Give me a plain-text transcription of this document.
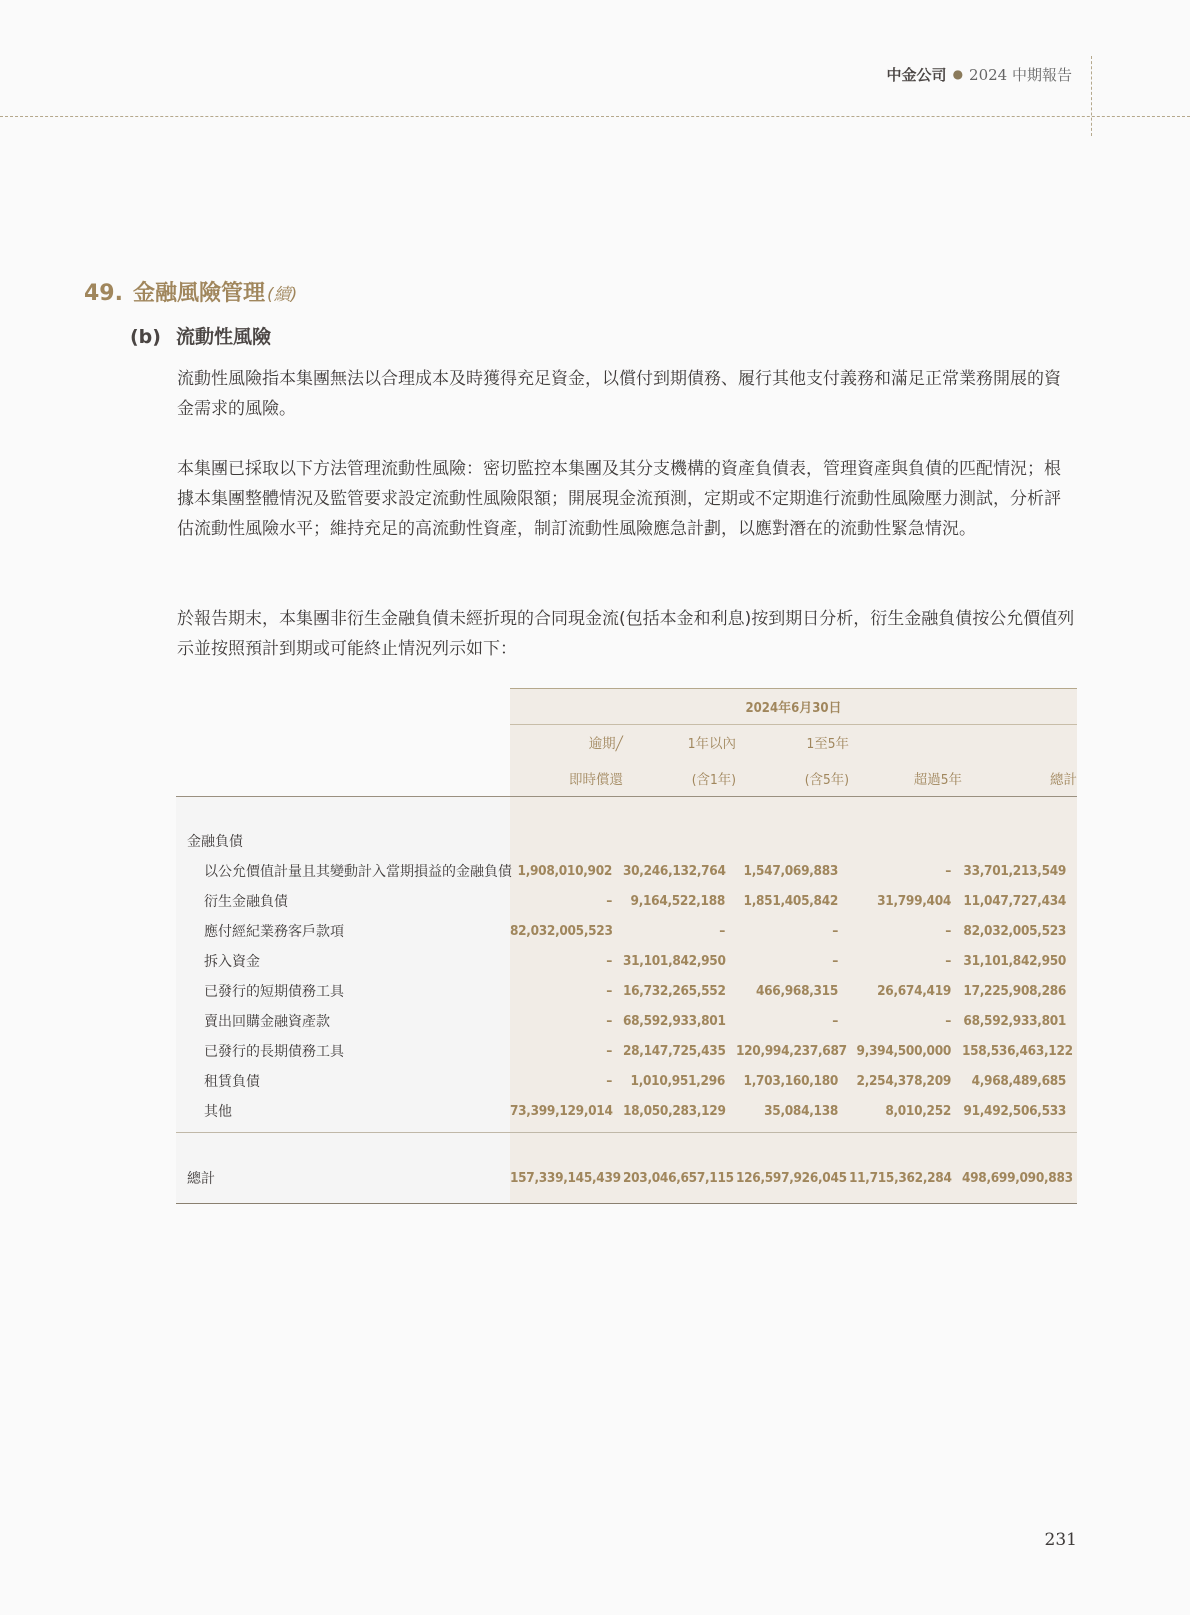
中金公司 ● 2024 中期報告
49. 金融風險管理 (續)
(b) 流動性風險

流動性風險指本集團無法以合理成本及時獲得充足資金，以償付到期債務、履行其他支付義務和滿足正常業務開展的資金需求的風險。

本集團已採取以下方法管理流動性風險：密切監控本集團及其分支機構的資產負債表，管理資產與負債的匹配情況；根據本集團整體情況及監管要求設定流動性風險限額；開展現金流預測，定期或不定期進行流動性風險壓力測試，分析評估流動性風險水平；維持充足的高流動性資產，制訂流動性風險應急計劃，以應對潛在的流動性緊急情況。

於報告期末，本集團非衍生金融負債未經折現的合同現金流(包括本金和利息)按到期日分析，衍生金融負債按公允價值列示並按照預計到期或可能終止情況列示如下：

	2024年6月30日				
	逾期╱	1年以內	1至5年		
	即時償還	(含1年)	(含5年)	超過5年	總計

金融負債					
以公允價值計量且其變動計入當期損益的金融負債	1,908,010,902	30,246,132,764	1,547,069,883	–	33,701,213,549
衍生金融負債	–	9,164,522,188	1,851,405,842	31,799,404	11,047,727,434
應付經紀業務客戶款項	82,032,005,523	–	–	–	82,032,005,523
拆入資金	–	31,101,842,950	–	–	31,101,842,950
已發行的短期債務工具	–	16,732,265,552	466,968,315	26,674,419	17,225,908,286
賣出回購金融資產款	–	68,592,933,801	–	–	68,592,933,801
已發行的長期債務工具	–	28,147,725,435	120,994,237,687	9,394,500,000	158,536,463,122
租賃負債	–	1,010,951,296	1,703,160,180	2,254,378,209	4,968,489,685
其他	73,399,129,014	18,050,283,129	35,084,138	8,010,252	91,492,506,533

總計	157,339,145,439	203,046,657,115	126,597,926,045	11,715,362,284	498,699,090,883
231
